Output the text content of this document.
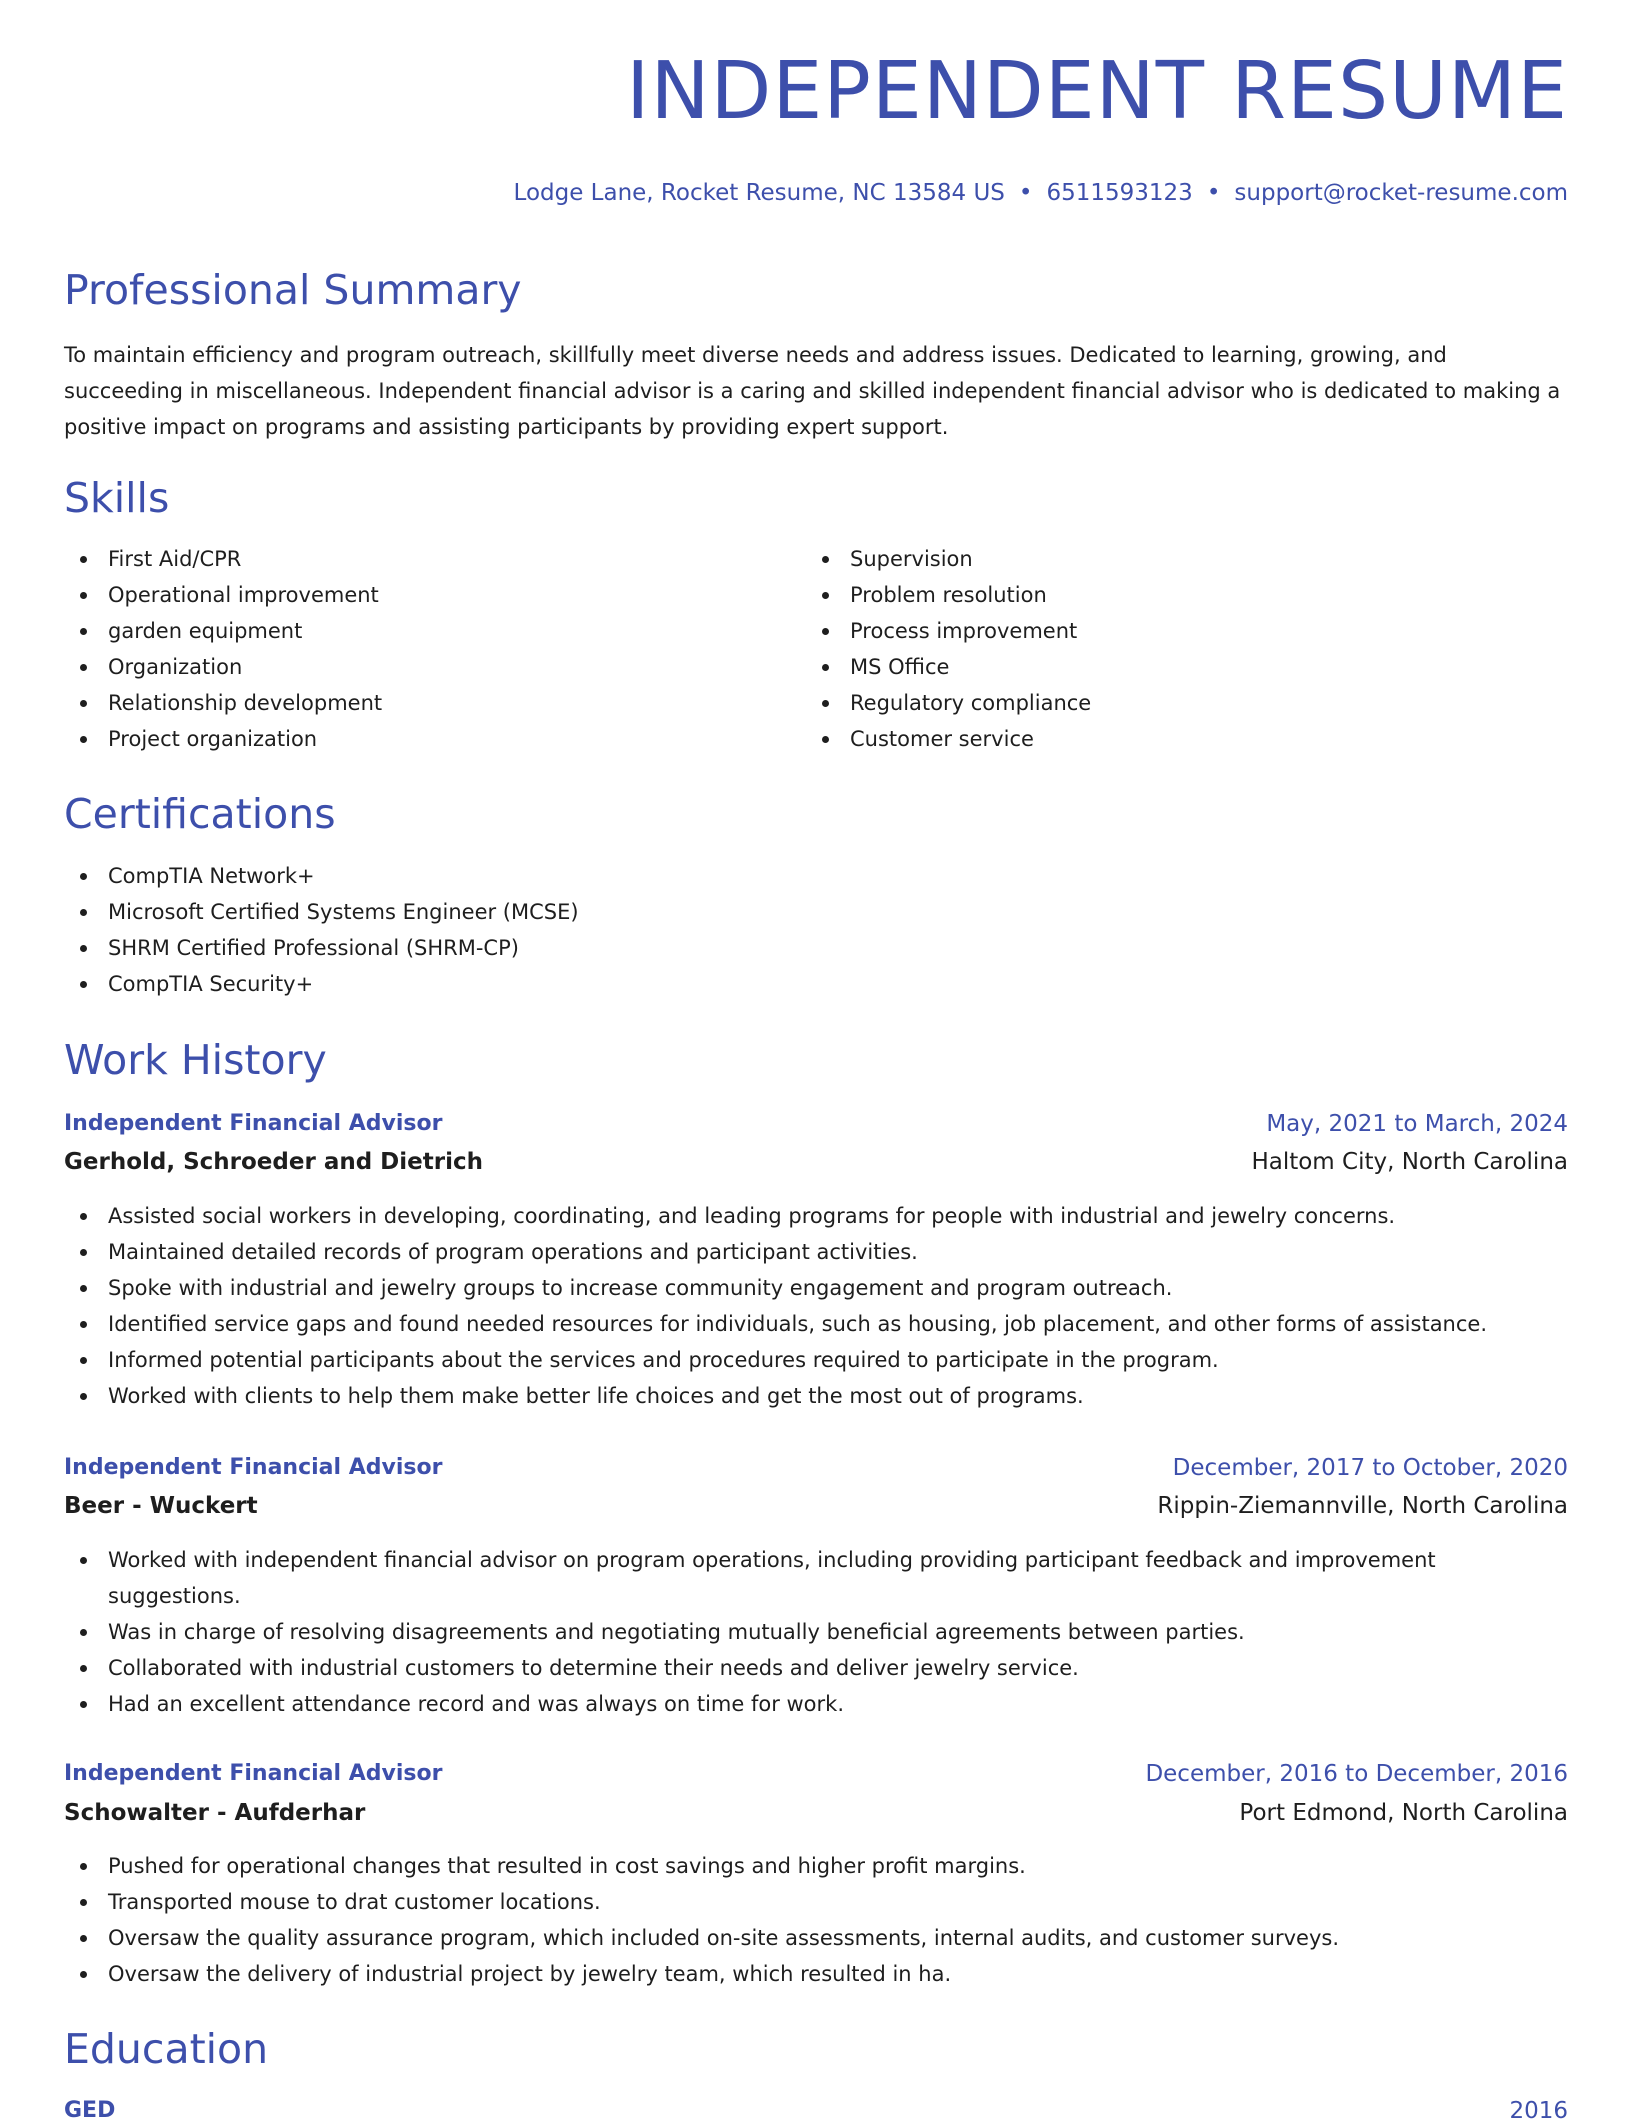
INDEPENDENT RESUME
Lodge Lane, Rocket Resume, NC 13584 US • 6511593123 • support@rocket-resume.com
Professional Summary

To maintain efficiency and program outreach, skillfully meet diverse needs and address issues. Dedicated to learning, growing, and succeeding in miscellaneous. Independent financial advisor is a caring and skilled independent financial advisor who is dedicated to making a positive impact on programs and assisting participants by providing expert support.

Skills
First Aid/CPR
Operational improvement
garden equipment
Organization
Relationship development
Project organization
Supervision
Problem resolution
Process improvement
MS Office
Regulatory compliance
Customer service
Certifications
CompTIA Network+
Microsoft Certified Systems Engineer (MCSE)
SHRM Certified Professional (SHRM-CP)
CompTIA Security+
Work History
Independent Financial Advisor	May, 2021 to March, 2024
Gerhold, Schroeder and Dietrich	Haltom City, North Carolina
Assisted social workers in developing, coordinating, and leading programs for people with industrial and jewelry concerns.
Maintained detailed records of program operations and participant activities.
Spoke with industrial and jewelry groups to increase community engagement and program outreach.
Identified service gaps and found needed resources for individuals, such as housing, job placement, and other forms of assistance.
Informed potential participants about the services and procedures required to participate in the program.
Worked with clients to help them make better life choices and get the most out of programs.
Independent Financial Advisor	December, 2017 to October, 2020
Beer - Wuckert	Rippin-Ziemannville, North Carolina
Worked with independent financial advisor on program operations, including providing participant feedback and improvement suggestions.
Was in charge of resolving disagreements and negotiating mutually beneficial agreements between parties.
Collaborated with industrial customers to determine their needs and deliver jewelry service.
Had an excellent attendance record and was always on time for work.
Independent Financial Advisor	December, 2016 to December, 2016
Schowalter - Aufderhar	Port Edmond, North Carolina
Pushed for operational changes that resulted in cost savings and higher profit margins.
Transported mouse to drat customer locations.
Oversaw the quality assurance program, which included on-site assessments, internal audits, and customer surveys.
Oversaw the delivery of industrial project by jewelry team, which resulted in ha.
Education
GED	2016
